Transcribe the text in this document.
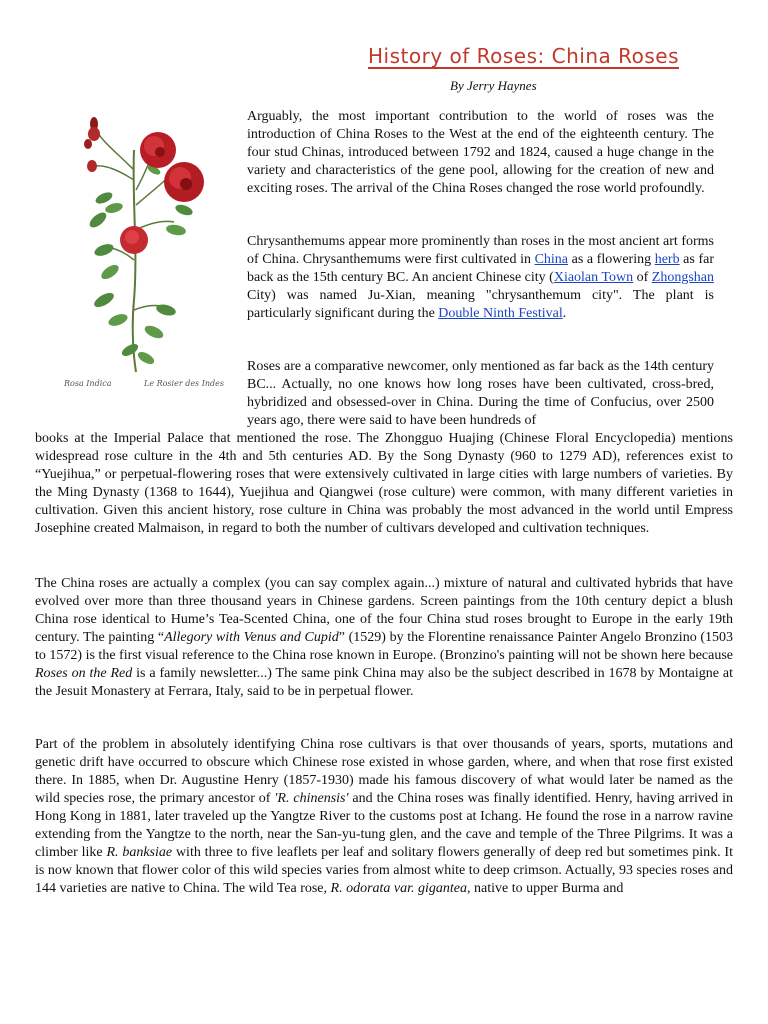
History of Roses: China Roses
By Jerry Haynes
Rosa Indica	Le Rosier des Indes

Arguably, the most important contribution to the world of roses was the introduction of China Roses to the West at the end of the eighteenth century. The four stud Chinas, introduced between 1792 and 1824, caused a huge change in the variety and characteristics of the gene pool, allowing for the creation of new and exciting roses. The arrival of the China Roses changed the rose world profoundly.

Chrysanthemums appear more prominently than roses in the most ancient art forms of China. Chrysanthemums were first cultivated in China as a flowering herb as far back as the 15th century BC. An ancient Chinese city (Xiaolan Town of Zhongshan City) was named Ju-Xian, meaning "chrysanthemum city". The plant is particularly significant during the Double Ninth Festival.

Roses are a comparative newcomer, only mentioned as far back as the 14th century BC... Actually, no one knows how long roses have been cultivated, cross-bred, hybridized and obsessed-over in China. During the time of Confucius, over 2500 years ago, there were said to have been hundreds of

books at the Imperial Palace that mentioned the rose. The Zhongguo Huajing (Chinese Floral Encyclopedia) mentions widespread rose culture in the 4th and 5th centuries AD. By the Song Dynasty (960 to 1279 AD), references exist to “Yuejihua,” or perpetual-flowering roses that were extensively cultivated in large cities with large numbers of varieties. By the Ming Dynasty (1368 to 1644), Yuejihua and Qiangwei (rose culture) were common, with many different varieties in cultivation. Given this ancient history, rose culture in China was probably the most advanced in the world until Empress Josephine created Malmaison, in regard to both the number of cultivars developed and cultivation techniques.

The China roses are actually a complex (you can say complex again...) mixture of natural and cultivated hybrids that have evolved over more than three thousand years in Chinese gardens. Screen paintings from the 10th century depict a blush China rose identical to Hume’s Tea-Scented China, one of the four China stud roses brought to Europe in the early 19th century. The painting “Allegory with Venus and Cupid” (1529) by the Florentine renaissance Painter Angelo Bronzino (1503 to 1572) is the first visual reference to the China rose known in Europe. (Bronzino's painting will not be shown here because Roses on the Red is a family newsletter...) The same pink China may also be the subject described in 1678 by Montaigne at the Jesuit Monastery at Ferrara, Italy, said to be in perpetual flower.

Part of the problem in absolutely identifying China rose cultivars is that over thousands of years, sports, mutations and genetic drift have occurred to obscure which Chinese rose existed in whose garden, where, and when that rose first existed there. In 1885, when Dr. Augustine Henry (1857-1930) made his famous discovery of what would later be named as the wild species rose, the primary ancestor of 'R. chinensis' and the China roses was finally identified. Henry, having arrived in Hong Kong in 1881, later traveled up the Yangtze River to the customs post at Ichang. He found the rose in a narrow ravine extending from the Yangtze to the north, near the San-yu-tung glen, and the cave and temple of the Three Pilgrims. It was a climber like R. banksiae with three to five leaflets per leaf and solitary flowers generally of deep red but sometimes pink. It is now known that flower color of this wild species varies from almost white to deep crimson. Actually, 93 species roses and 144 varieties are native to China. The wild Tea rose, R. odorata var. gigantea, native to upper Burma and
